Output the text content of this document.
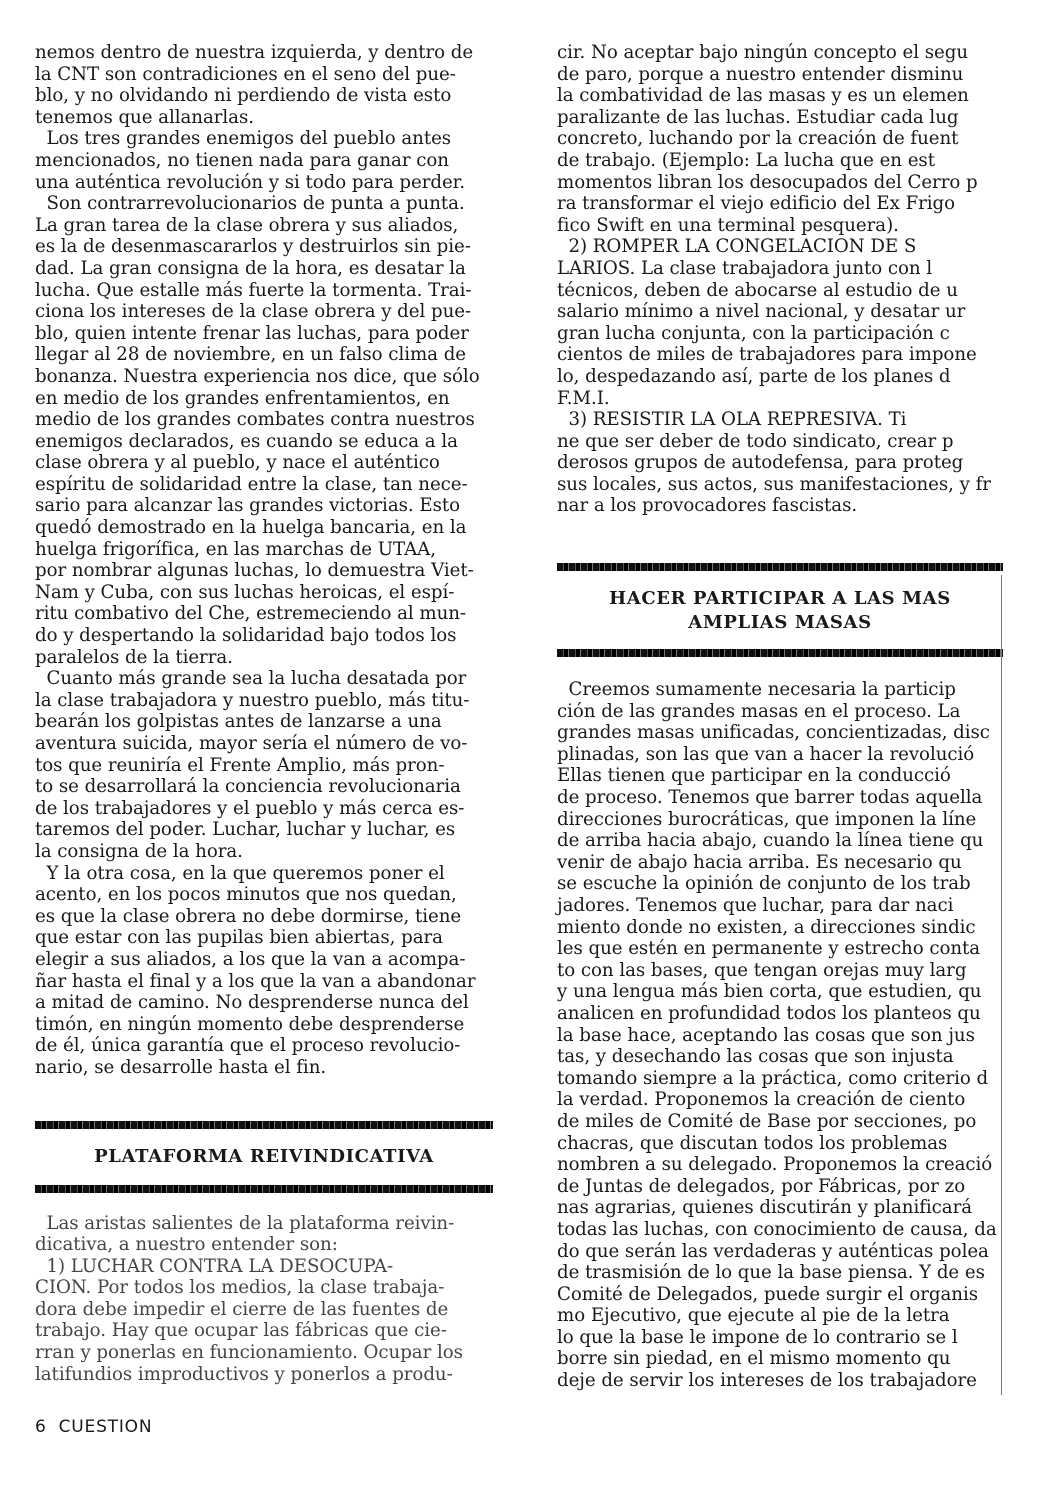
nemos dentro de nuestra izquierda, y dentro de
la CNT son contradiciones en el seno del pue-
blo, y no olvidando ni perdiendo de vista esto
tenemos que allanarlas.
Los tres grandes enemigos del pueblo antes
mencionados, no tienen nada para ganar con
una auténtica revolución y si todo para perder.
Son contrarrevolucionarios de punta a punta.
La gran tarea de la clase obrera y sus aliados,
es la de desenmascararlos y destruirlos sin pie-
dad. La gran consigna de la hora, es desatar la
lucha. Que estalle más fuerte la tormenta. Trai-
ciona los intereses de la clase obrera y del pue-
blo, quien intente frenar las luchas, para poder
llegar al 28 de noviembre, en un falso clima de
bonanza. Nuestra experiencia nos dice, que sólo
en medio de los grandes enfrentamientos, en
medio de los grandes combates contra nuestros
enemigos declarados, es cuando se educa a la
clase obrera y al pueblo, y nace el auténtico
espíritu de solidaridad entre la clase, tan nece-
sario para alcanzar las grandes victorias. Esto
quedó demostrado en la huelga bancaria, en la
huelga frigorífica, en las marchas de UTAA,
por nombrar algunas luchas, lo demuestra Viet-
Nam y Cuba, con sus luchas heroicas, el espí-
ritu combativo del Che, estremeciendo al mun-
do y despertando la solidaridad bajo todos los
paralelos de la tierra.
Cuanto más grande sea la lucha desatada por
la clase trabajadora y nuestro pueblo, más titu-
bearán los golpistas antes de lanzarse a una
aventura suicida, mayor sería el número de vo-
tos que reuniría el Frente Amplio, más pron-
to se desarrollará la conciencia revolucionaria
de los trabajadores y el pueblo y más cerca es-
taremos del poder. Luchar, luchar y luchar, es
la consigna de la hora.
Y la otra cosa, en la que queremos poner el
acento, en los pocos minutos que nos quedan,
es que la clase obrera no debe dormirse, tiene
que estar con las pupilas bien abiertas, para
elegir a sus aliados, a los que la van a acompa-
ñar hasta el final y a los que la van a abandonar
a mitad de camino. No desprenderse nunca del
timón, en ningún momento debe desprenderse
de él, única garantía que el proceso revolucio-
nario, se desarrolle hasta el fin.
PLATAFORMA REIVINDICATIVA
Las aristas salientes de la plataforma reivin-
dicativa, a nuestro entender son:
1) LUCHAR CONTRA LA DESOCUPA-
CION. Por todos los medios, la clase trabaja-
dora debe impedir el cierre de las fuentes de
trabajo. Hay que ocupar las fábricas que cie-
rran y ponerlas en funcionamiento. Ocupar los
latifundios improductivos y ponerlos a produ-
cir. No aceptar bajo ningún concepto el segu
de paro, porque a nuestro entender disminu
la combatividad de las masas y es un elemen
paralizante de las luchas. Estudiar cada lug
concreto, luchando por la creación de fuent
de trabajo. (Ejemplo: La lucha que en est
momentos libran los desocupados del Cerro p
ra transformar el viejo edificio del Ex Frigo
fico Swift en una terminal pesquera).
2) ROMPER LA CONGELACION DE S
LARIOS. La clase trabajadora junto con l
técnicos, deben de abocarse al estudio de u
salario mínimo a nivel nacional, y desatar ur
gran lucha conjunta, con la participación c
cientos de miles de trabajadores para impone
lo, despedazando así, parte de los planes d
F.M.I.
3) RESISTIR LA OLA REPRESIVA. Ti
ne que ser deber de todo sindicato, crear p
derosos grupos de autodefensa, para proteg
sus locales, sus actos, sus manifestaciones, y fr
nar a los provocadores fascistas.
HACER PARTICIPAR A LAS MAS
AMPLIAS MASAS
Creemos sumamente necesaria la particip
ción de las grandes masas en el proceso. La
grandes masas unificadas, concientizadas, disc
plinadas, son las que van a hacer la revolució
Ellas tienen que participar en la conducció
de proceso. Tenemos que barrer todas aquella
direcciones burocráticas, que imponen la líne
de arriba hacia abajo, cuando la línea tiene qu
venir de abajo hacia arriba. Es necesario qu
se escuche la opinión de conjunto de los trab
jadores. Tenemos que luchar, para dar naci
miento donde no existen, a direcciones sindic
les que estén en permanente y estrecho conta
to con las bases, que tengan orejas muy larg
y una lengua más bien corta, que estudien, qu
analicen en profundidad todos los planteos qu
la base hace, aceptando las cosas que son jus
tas, y desechando las cosas que son injusta
tomando siempre a la práctica, como criterio d
la verdad. Proponemos la creación de ciento
de miles de Comité de Base por secciones, po
chacras, que discutan todos los problemas
nombren a su delegado. Proponemos la creació
de Juntas de delegados, por Fábricas, por zo
nas agrarias, quienes discutirán y planificará
todas las luchas, con conocimiento de causa, da
do que serán las verdaderas y auténticas polea
de trasmisión de lo que la base piensa. Y de es
Comité de Delegados, puede surgir el organis
mo Ejecutivo, que ejecute al pie de la letra
lo que la base le impone de lo contrario se l
borre sin piedad, en el mismo momento qu
deje de servir los intereses de los trabajadore
6 CUESTION
